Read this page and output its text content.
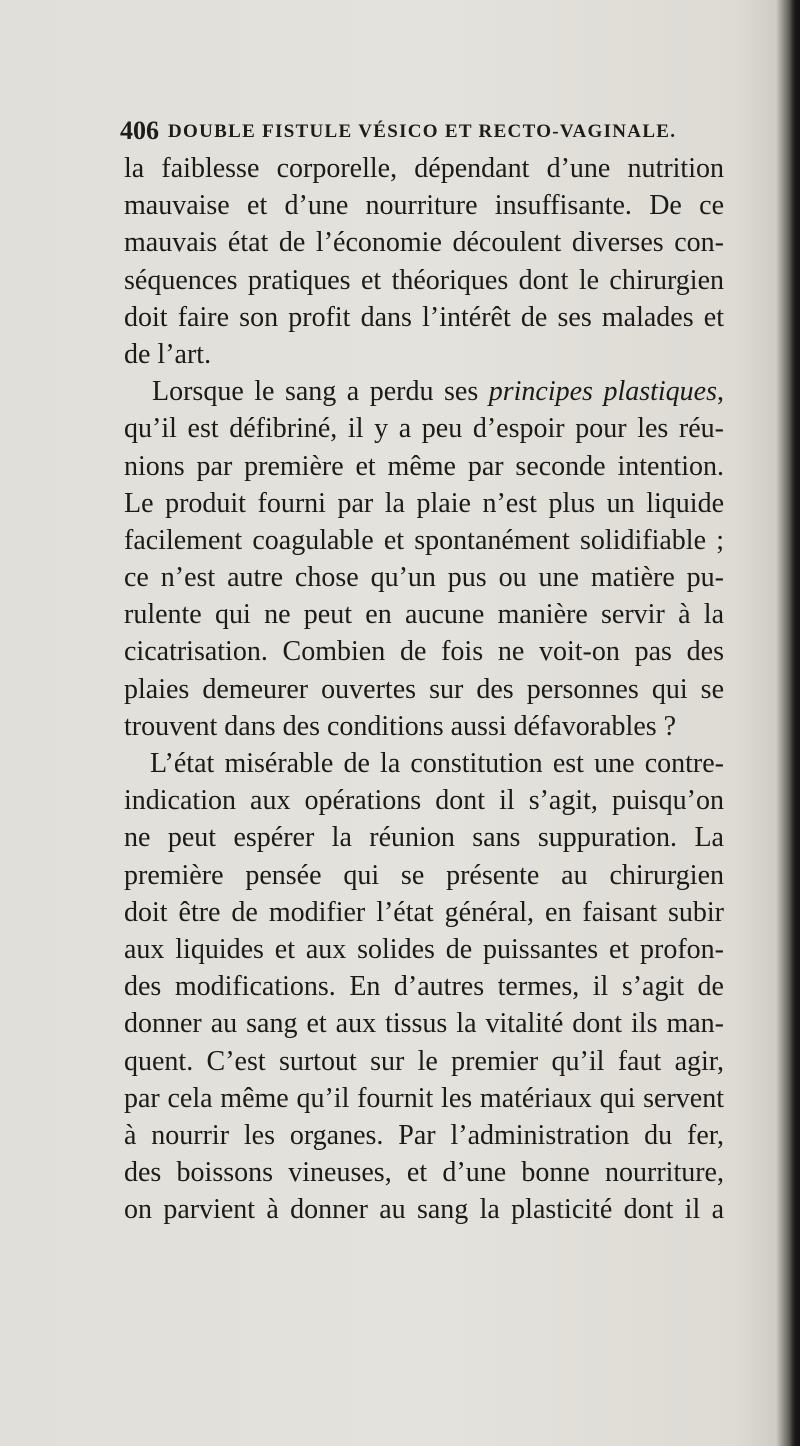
406 DOUBLE FISTULE VÉSICO ET RECTO-VAGINALE.
la faiblesse corporelle, dépendant d’une nutrition
mauvaise et d’une nourriture insuffisante. De ce
mauvais état de l’économie découlent diverses con-
séquences pratiques et théoriques dont le chirurgien
doit faire son profit dans l’intérêt de ses malades et
de l’art.
Lorsque le sang a perdu ses principes plastiques,
qu’il est défibriné, il y a peu d’espoir pour les réu-
nions par première et même par seconde intention.
Le produit fourni par la plaie n’est plus un liquide
facilement coagulable et spontanément solidifiable ;
ce n’est autre chose qu’un pus ou une matière pu-
rulente qui ne peut en aucune manière servir à la
cicatrisation. Combien de fois ne voit-on pas des
plaies demeurer ouvertes sur des personnes qui se
trouvent dans des conditions aussi défavorables ?
L’état misérable de la constitution est une contre-
indication aux opérations dont il s’agit, puisqu’on
ne peut espérer la réunion sans suppuration. La
première pensée qui se présente au chirurgien
doit être de modifier l’état général, en faisant subir
aux liquides et aux solides de puissantes et profon-
des modifications. En d’autres termes, il s’agit de
donner au sang et aux tissus la vitalité dont ils man-
quent. C’est surtout sur le premier qu’il faut agir,
par cela même qu’il fournit les matériaux qui servent
à nourrir les organes. Par l’administration du fer,
des boissons vineuses, et d’une bonne nourriture,
on parvient à donner au sang la plasticité dont il a
